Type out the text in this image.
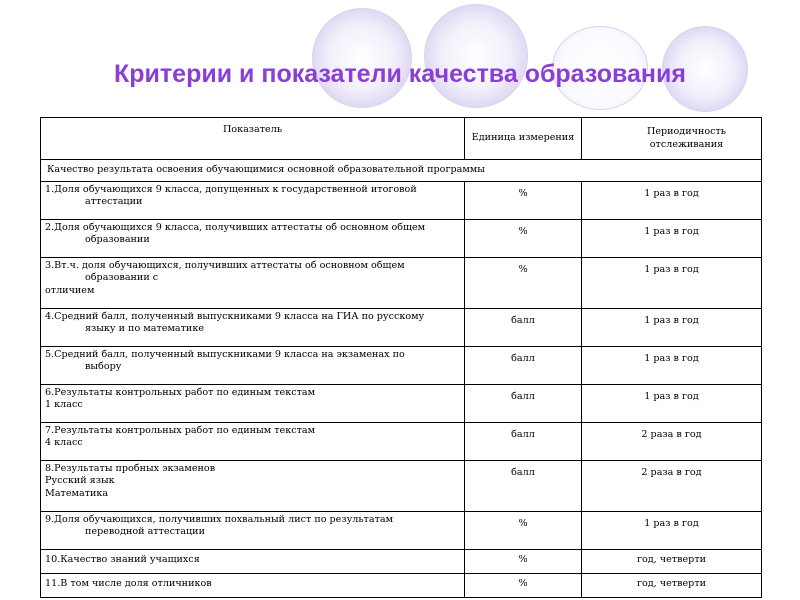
Критерии и показатели качества образования
Показатель	Единица измерения	Периодичность отслеживания
Качество результата освоения обучающимися основной образовательной программы		

1.Доля обучающихся 9 класса, допущенных к государственной итоговой
аттестации	%	1 раз в год

2.Доля обучающихся 9 класса, получивших аттестаты об основном общем
образовании	%	1 раз в год

3.Вт.ч. доля обучающихся, получивших аттестаты об основном общем
образовании с
отличием	%	1 раз в год

4.Средний балл, полученный выпускниками 9 класса на ГИА по русскому
языку и по математике	балл	1 раз в год

5.Средний балл, полученный выпускниками 9 класса на экзаменах по
выбору	балл	1 раз в год

6.Результаты контрольных работ по единым текстам
1 класс	балл	1 раз в год

7.Результаты контрольных работ по единым текстам
4 класс	балл	2 раза в год

8.Результаты пробных экзаменов
Русский язык
Математика	балл	2 раза в год

9.Доля обучающихся, получивших похвальный лист по результатам
переводной аттестации	%	1 раз в год

10.Качество знаний учащихся	%	год, четверти

11.В том числе доля отличников	%	год, четверти
